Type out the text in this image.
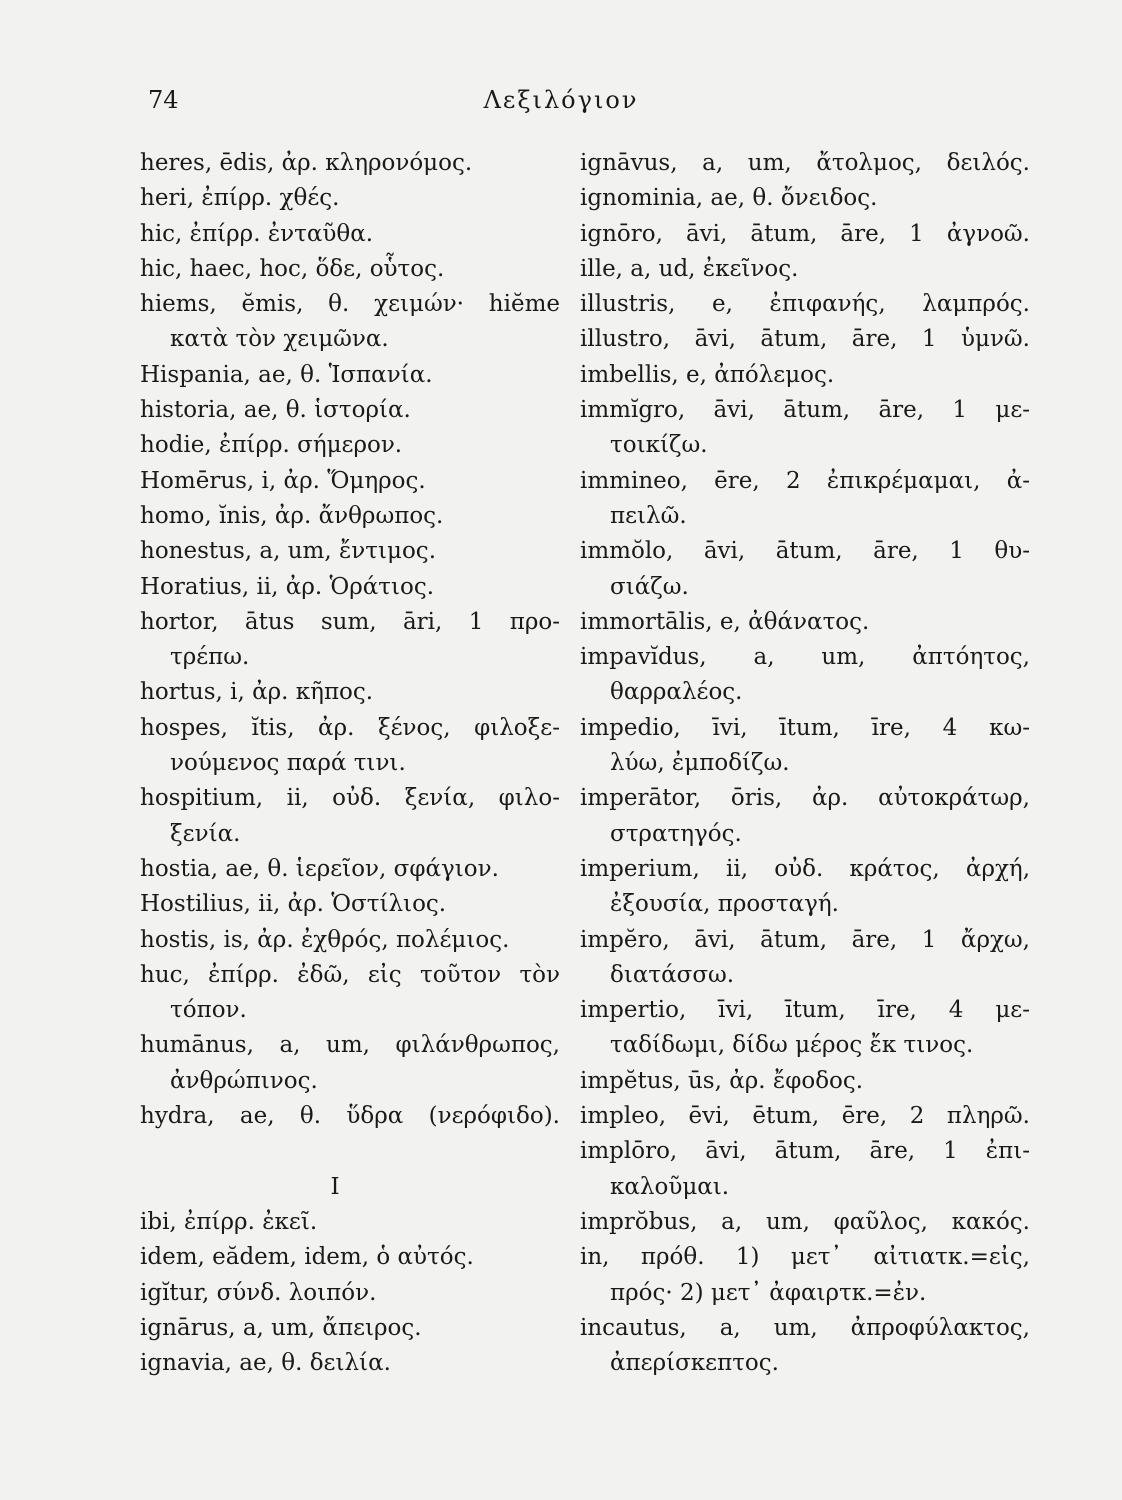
74	Λεξιλόγιον
heres, ēdis, ἀρ. κληρονόμος.
heri, ἐπίρρ. χθές.
hic, ἐπίρρ. ἐνταῦθα.
hic, haec, hoc, ὅδε, οὗτος.
hiems, ĕmis, θ. χειμών· hiĕme
κατὰ τὸν χειμῶνα.
Hispania, ae, θ. Ἱσπανία.
historia, ae, θ. ἱστορία.
hodie, ἐπίρρ. σήμερον.
Homērus, i, ἀρ. Ὅμηρος.
homo, ĭnis, ἀρ. ἄνθρωπος.
honestus, a, um, ἔντιμος.
Horatius, ii, ἀρ. Ὁράτιος.
hortor, ātus sum, āri, 1 προ-
τρέπω.
hortus, i, ἀρ. κῆπος.
hospes, ĭtis, ἀρ. ξένος, φιλοξε-
νούμενος παρά τινι.
hospitium, ii, οὐδ. ξενία, φιλο-
ξενία.
hostia, ae, θ. ἱερεῖον, σφάγιον.
Hostilius, ii, ἀρ. Ὁστίλιος.
hostis, is, ἀρ. ἐχθρός, πολέμιος.
huc, ἐπίρρ. ἐδῶ, εἰς τοῦτον τὸν
τόπον.
humānus, a, um, φιλάνθρωπος,
ἀνθρώπινος.
hydra, ae, θ. ὕδρα (νερόφιδο).
I
ibi, ἐπίρρ. ἐκεῖ.
idem, eădem, idem, ὁ αὐτός.
igĭtur, σύνδ. λοιπόν.
ignārus, a, um, ἄπειρος.
ignavia, ae, θ. δειλία.
ignāvus, a, um, ἄτολμος, δειλός.
ignominia, ae, θ. ὄνειδος.
ignōro, āvi, ātum, āre, 1 ἀγνοῶ.
ille, a, ud, ἐκεῖνος.
illustris, e, ἐπιφανής, λαμπρός.
illustro, āvi, ātum, āre, 1 ὑμνῶ.
imbellis, e, ἀπόλεμος.
immĭgro, āvi, ātum, āre, 1 με-
τοικίζω.
immineo, ēre, 2 ἐπικρέμαμαι, ἀ-
πειλῶ.
immŏlo, āvi, ātum, āre, 1 θυ-
σιάζω.
immortālis, e, ἀθάνατος.
impavĭdus, a, um, ἀπτόητος,
θαρραλέος.
impedio, īvi, ītum, īre, 4 κω-
λύω, ἐμποδίζω.
imperātor, ōris, ἀρ. αὐτοκράτωρ,
στρατηγός.
imperium, ii, οὐδ. κράτος, ἀρχή,
ἐξουσία, προσταγή.
impĕro, āvi, ātum, āre, 1 ἄρχω,
διατάσσω.
impertio, īvi, ītum, īre, 4 με-
ταδίδωμι, δίδω μέρος ἔκ τινος.
impĕtus, ūs, ἀρ. ἔφοδος.
impleo, ēvi, ētum, ēre, 2 πληρῶ.
implōro, āvi, ātum, āre, 1 ἐπι-
καλοῦμαι.
imprŏbus, a, um, φαῦλος, κακός.
in, πρόθ. 1) μετ᾽ αἰτιατκ.=εἰς,
πρός· 2) μετ᾽ ἀφαιρτκ.=ἐν.
incautus, a, um, ἀπροφύλακτος,
ἀπερίσκεπτος.
